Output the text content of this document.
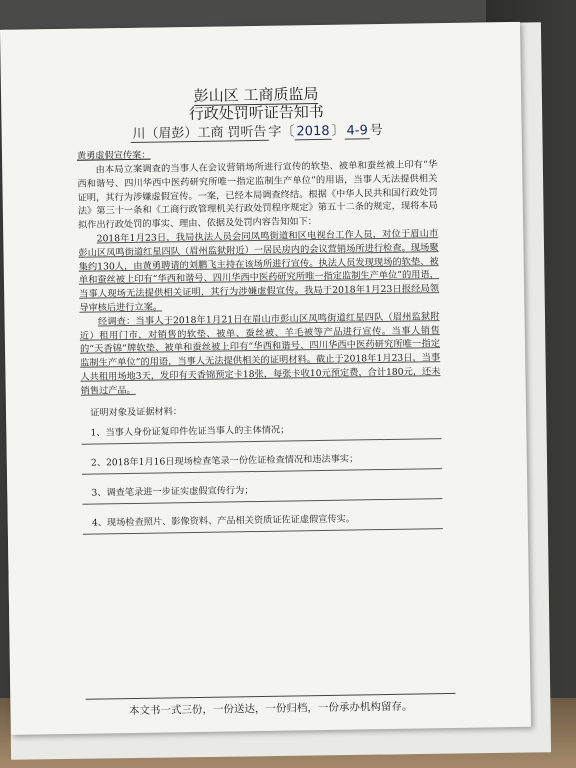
彭山区 工商质监局

行政处罚听证告知书

川（眉彭）工商 罚听告 字〔 2018 〕 4-9 号

黄勇虚假宣传案：

由本局立案调查的当事人在会议营销场所进行宣传的软垫、被单和蚕丝被上印有“华西和谐号、四川华西中医药研究所唯一指定监制生产单位”的用语，当事人无法提供相关证明，其行为涉嫌虚假宣传。一案，已经本局调查终结。根据《中华人民共和国行政处罚法》第三十一条和《工商行政管理机关行政处罚程序规定》第五十二条的规定，现将本局拟作出行政处罚的事实、理由、依据及处罚内容告知如下：

2018年1月23日，我局执法人员会同凤鸣街道和区电视台工作人员，对位于眉山市彭山区凤鸣街道红星四队（眉州监狱附近）一居民房内的会议营销场所进行检查。现场聚集约130人，由黄勇聘请的刘鹏飞主持在该场所进行宣传。执法人员发现现场的软垫、被单和蚕丝被上印有“华西和谐号、四川华西中医药研究所唯一指定监制生产单位”的用语，当事人现场无法提供相关证明，其行为涉嫌虚假宣传。我局于2018年1月23日报经局领导审核后进行立案。

经调查：当事人于2018年1月21日在眉山市彭山区凤鸣街道红星四队（眉州监狱附近）租用门市，对销售的软垫、被单、蚕丝被、羊毛被等产品进行宣传。当事人销售的“天香锦”牌软垫、被单和蚕丝被上印有“华西和谐号、四川华西中医药研究所唯一指定监制生产单位”的用语，当事人无法提供相关的证明材料。截止于2018年1月23日，当事人共租用场地3天，发印有天香锦预定卡18张，每张卡收10元预定费，合计180元，还未销售过产品。

证明对象及证据材料：

1、当事人身份证复印件佐证当事人的主体情况；

2、2018年1月16日现场检查笔录一份佐证检查情况和违法事实；

3、调查笔录进一步证实虚假宣传行为；

4、现场检查照片、影像资料、产品相关资质证佐证虚假宣传实。

本文书一式三份，一份送达，一份归档，一份承办机构留存。
